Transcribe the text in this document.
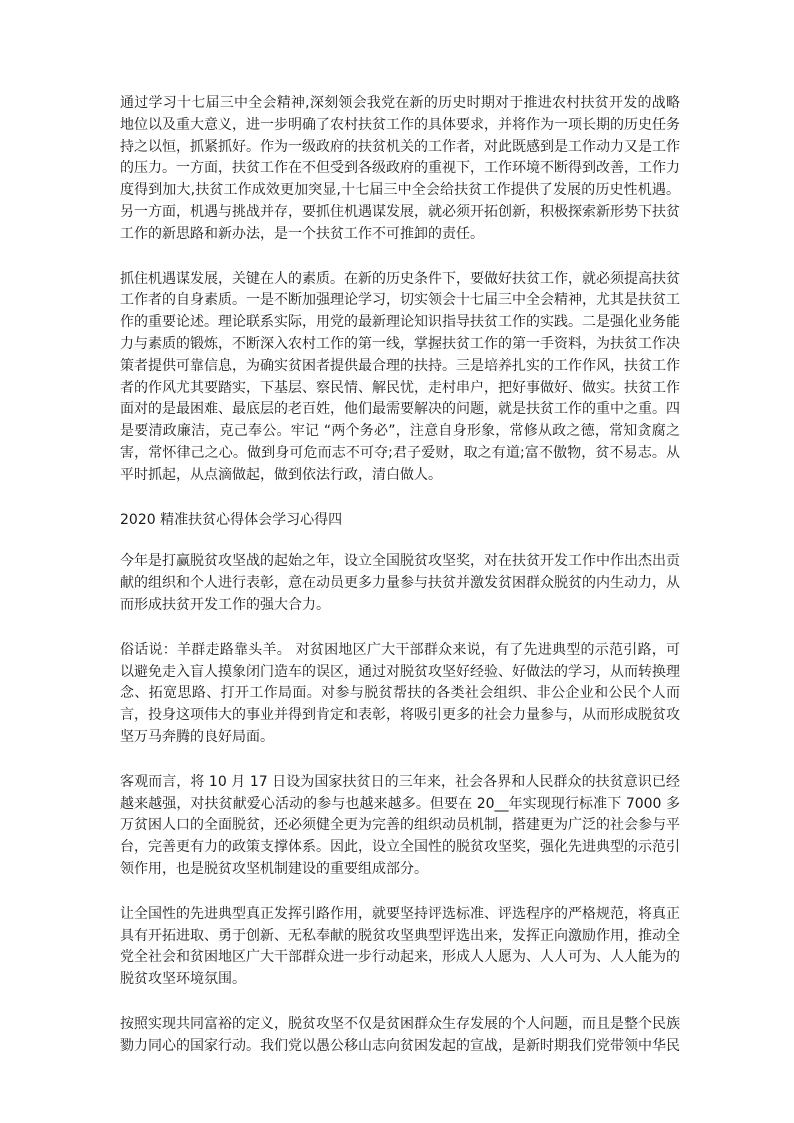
通过学习十七届三中全会精神,深刻领会我党在新的历史时期对于推进农村扶贫开发的战略地位以及重大意义，进一步明确了农村扶贫工作的具体要求，并将作为一项长期的历史任务持之以恒，抓紧抓好。作为一级政府的扶贫机关的工作者，对此既感到是工作动力又是工作的压力。一方面，扶贫工作在不但受到各级政府的重视下，工作环境不断得到改善，工作力度得到加大,扶贫工作成效更加突显,十七届三中全会给扶贫工作提供了发展的历史性机遇。另一方面，机遇与挑战并存，要抓住机遇谋发展，就必须开拓创新，积极探索新形势下扶贫工作的新思路和新办法，是一个扶贫工作不可推卸的责任。

抓住机遇谋发展，关键在人的素质。在新的历史条件下，要做好扶贫工作，就必须提高扶贫工作者的自身素质。一是不断加强理论学习，切实领会十七届三中全会精神，尤其是扶贫工作的重要论述。理论联系实际，用党的最新理论知识指导扶贫工作的实践。二是强化业务能力与素质的锻炼，不断深入农村工作的第一线，掌握扶贫工作的第一手资料，为扶贫工作决策者提供可靠信息，为确实贫困者提供最合理的扶持。三是培养扎实的工作作风，扶贫工作者的作风尤其要踏实，下基层、察民情、解民忧，走村串户，把好事做好、做实。扶贫工作面对的是最困难、最底层的老百姓，他们最需要解决的问题，就是扶贫工作的重中之重。四是要清政廉洁，克己奉公。牢记 “两个务必”，注意自身形象，常修从政之德，常知贪腐之害，常怀律己之心。做到身可危而志不可夺;君子爱财，取之有道;富不傲物，贫不易志。从平时抓起，从点滴做起，做到依法行政，清白做人。

2020 精准扶贫心得体会学习心得四

今年是打赢脱贫攻坚战的起始之年，设立全国脱贫攻坚奖，对在扶贫开发工作中作出杰出贡献的组织和个人进行表彰，意在动员更多力量参与扶贫并激发贫困群众脱贫的内生动力，从而形成扶贫开发工作的强大合力。

俗话说：羊群走路靠头羊。 对贫困地区广大干部群众来说，有了先进典型的示范引路，可以避免走入盲人摸象闭门造车的误区，通过对脱贫攻坚好经验、好做法的学习，从而转换理念、拓宽思路、打开工作局面。对参与脱贫帮扶的各类社会组织、非公企业和公民个人而言，投身这项伟大的事业并得到肯定和表彰，将吸引更多的社会力量参与，从而形成脱贫攻坚万马奔腾的良好局面。

客观而言，将 10 月 17 日设为国家扶贫日的三年来，社会各界和人民群众的扶贫意识已经越来越强，对扶贫献爱心活动的参与也越来越多。但要在 20__年实现现行标准下 7000 多万贫困人口的全面脱贫，还必须健全更为完善的组织动员机制，搭建更为广泛的社会参与平台，完善更有力的政策支撑体系。因此，设立全国性的脱贫攻坚奖，强化先进典型的示范引领作用，也是脱贫攻坚机制建设的重要组成部分。

让全国性的先进典型真正发挥引路作用，就要坚持评选标准、评选程序的严格规范，将真正具有开拓进取、勇于创新、无私奉献的脱贫攻坚典型评选出来，发挥正向激励作用，推动全党全社会和贫困地区广大干部群众进一步行动起来，形成人人愿为、人人可为、人人能为的脱贫攻坚环境氛围。

按照实现共同富裕的定义，脱贫攻坚不仅是贫困群众生存发展的个人问题，而且是整个民族勠力同心的国家行动。我们党以愚公移山志向贫困发起的宣战，是新时期我们党带领中华民
